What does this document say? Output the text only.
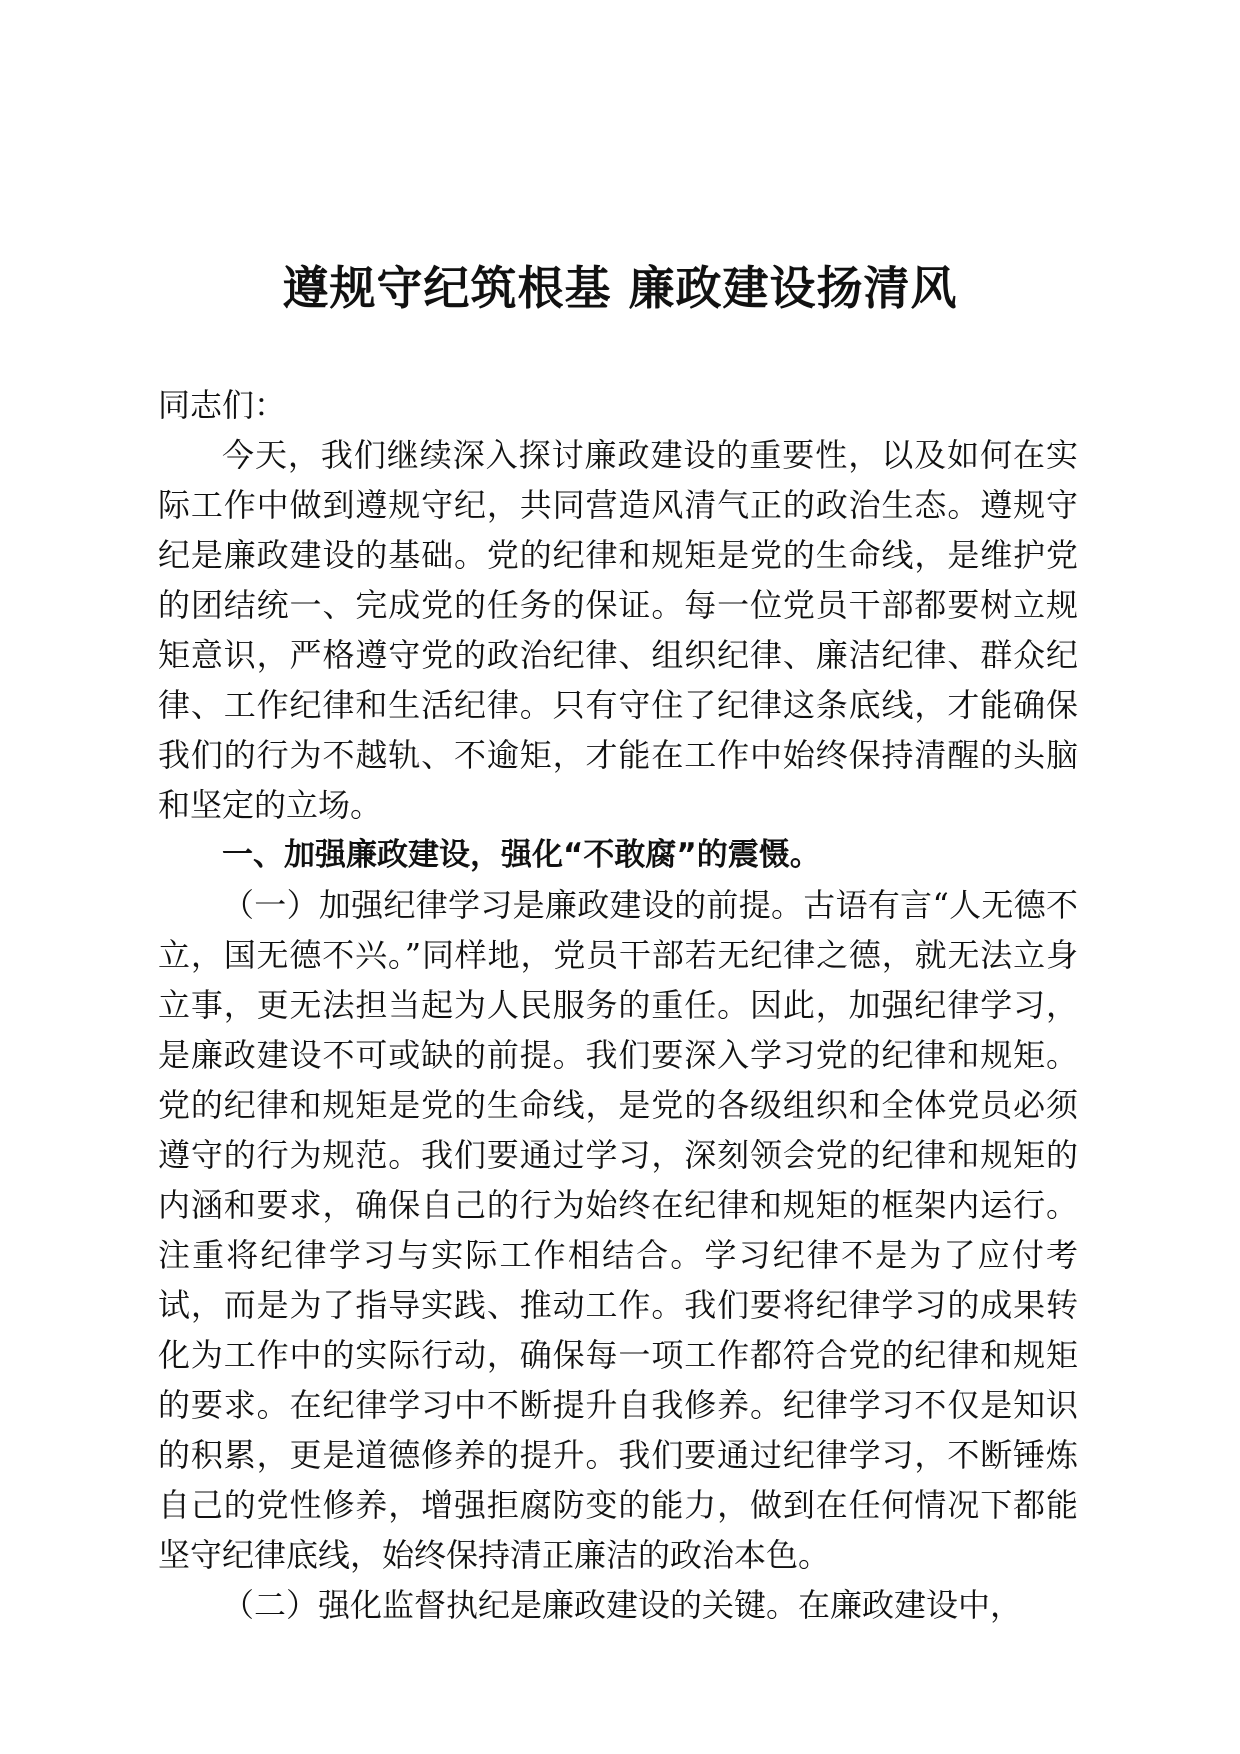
遵规守纪筑根基 廉政建设扬清风

同志们：

今天，我们继续深入探讨廉政建设的重要性，以及如何在实际工作中做到遵规守纪，共同营造风清气正的政治生态。遵规守纪是廉政建设的基础。党的纪律和规矩是党的生命线，是维护党的团结统一、完成党的任务的保证。每一位党员干部都要树立规矩意识，严格遵守党的政治纪律、组织纪律、廉洁纪律、群众纪律、工作纪律和生活纪律。只有守住了纪律这条底线，才能确保我们的行为不越轨、不逾矩，才能在工作中始终保持清醒的头脑和坚定的立场。

一、加强廉政建设，强化“不敢腐”的震慑。

（一）加强纪律学习是廉政建设的前提。古语有言“人无德不立，国无德不兴。”同样地，党员干部若无纪律之德，就无法立身立事，更无法担当起为人民服务的重任。因此，加强纪律学习，是廉政建设不可或缺的前提。我们要深入学习党的纪律和规矩。党的纪律和规矩是党的生命线，是党的各级组织和全体党员必须遵守的行为规范。我们要通过学习，深刻领会党的纪律和规矩的内涵和要求，确保自己的行为始终在纪律和规矩的框架内运行。注重将纪律学习与实际工作相结合。学习纪律不是为了应付考试，而是为了指导实践、推动工作。我们要将纪律学习的成果转化为工作中的实际行动，确保每一项工作都符合党的纪律和规矩的要求。在纪律学习中不断提升自我修养。纪律学习不仅是知识的积累，更是道德修养的提升。我们要通过纪律学习，不断锤炼自己的党性修养，增强拒腐防变的能力，做到在任何情况下都能坚守纪律底线，始终保持清正廉洁的政治本色。

（二）强化监督执纪是廉政建设的关键。在廉政建设中，
